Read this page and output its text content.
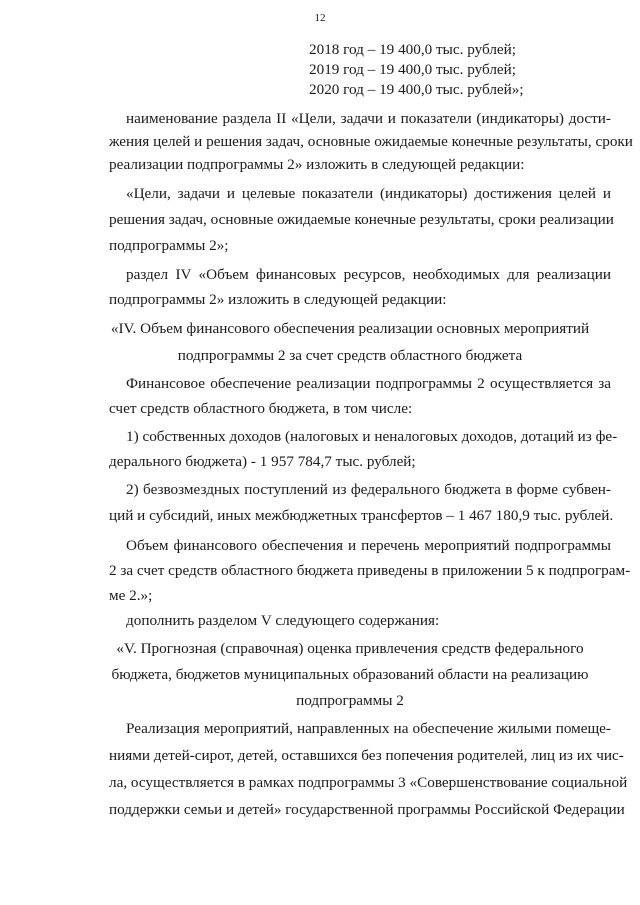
12
2018 год – 19 400,0 тыс. рублей;
2019 год – 19 400,0 тыс. рублей;
2020 год – 19 400,0 тыс. рублей»;
наименование раздела II «Цели, задачи и показатели (индикаторы) дости-
жения целей и решения задач, основные ожидаемые конечные результаты, сроки
реализации подпрограммы 2» изложить в следующей редакции:
«Цели, задачи и целевые показатели (индикаторы) достижения целей и
решения задач, основные ожидаемые конечные результаты, сроки реализации
подпрограммы 2»;
раздел IV «Объем финансовых ресурсов, необходимых для реализации
подпрограммы 2» изложить в следующей редакции:
«IV. Объем финансового обеспечения реализации основных мероприятий
подпрограммы 2 за счет средств областного бюджета
Финансовое обеспечение реализации подпрограммы 2 осуществляется за
счет средств областного бюджета, в том числе:
1) собственных доходов (налоговых и неналоговых доходов, дотаций из фе-
дерального бюджета) - 1 957 784,7 тыс. рублей;
2) безвозмездных поступлений из федерального бюджета в форме субвен-
ций и субсидий, иных межбюджетных трансфертов – 1 467 180,9 тыс. рублей.
Объем финансового обеспечения и перечень мероприятий подпрограммы
2 за счет средств областного бюджета приведены в приложении 5 к подпрограм-
ме 2.»;
дополнить разделом V следующего содержания:
«V. Прогнозная (справочная) оценка привлечения средств федерального
бюджета, бюджетов муниципальных образований области на реализацию
подпрограммы 2
Реализация мероприятий, направленных на обеспечение жилыми помеще-
ниями детей-сирот, детей, оставшихся без попечения родителей, лиц из их чис-
ла, осуществляется в рамках подпрограммы 3 «Совершенствование социальной
поддержки семьи и детей» государственной программы Российской Федерации
